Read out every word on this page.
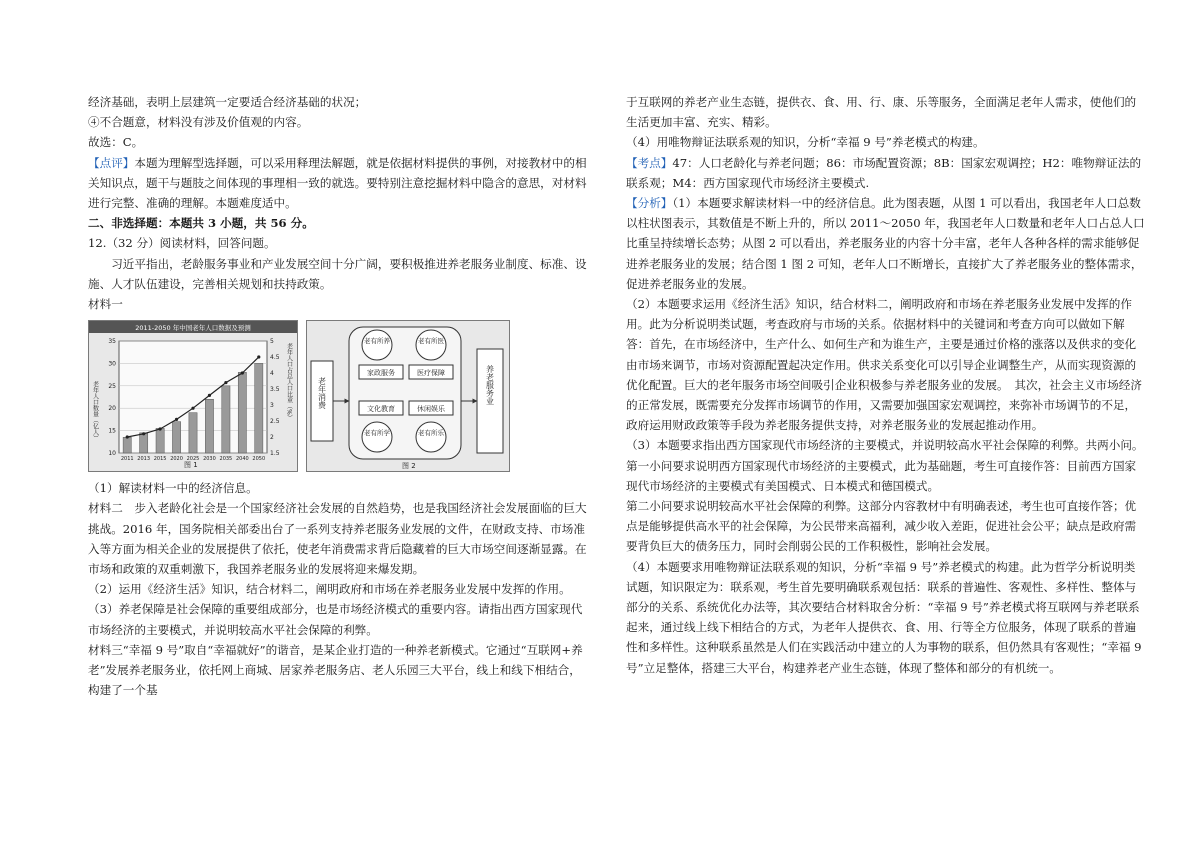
经济基础，表明上层建筑一定要适合经济基础的状况；

④不合题意，材料没有涉及价值观的内容。

故选：C。

【点评】本题为理解型选择题，可以采用释理法解题，就是依据材料提供的事例，对接教材中的相关知识点，题干与题肢之间体现的事理相一致的就选。要特别注意挖掘材料中隐含的意思，对材料进行完整、准确的理解。本题难度适中。

二、非选择题：本题共 3 小题，共 56 分。

12.（32 分）阅读材料，回答问题。

习近平指出，老龄服务事业和产业发展空间十分广阔，要积极推进养老服务业制度、标准、设施、人才队伍建设，完善相关规划和扶持政策。

材料一

2011-2050 年中国老年人口数据及预测
10
15
20
25
30
35
1.5
2
2.5
3
3.5
4
4.5
5
2011 2013 2015 2020 2025 2030 2035 2040 2050
老年人口数量（亿人）	老年人口占总人口比重（%）
图 1
老年消费
老有所养	老有所医
家政服务	医疗保障
文化教育	休闲娱乐
老有所学	老有所乐
养老服务业
图 2

（1）解读材料一中的经济信息。

材料二　步入老龄化社会是一个国家经济社会发展的自然趋势，也是我国经济社会发展面临的巨大挑战。2016 年，国务院相关部委出台了一系列支持养老服务业发展的文件，在财政支持、市场准入等方面为相关企业的发展提供了依托，使老年消费需求背后隐藏着的巨大市场空间逐渐显露。在市场和政策的双重刺激下，我国养老服务业的发展将迎来爆发期。

（2）运用《经济生活》知识，结合材料二，阐明政府和市场在养老服务业发展中发挥的作用。

（3）养老保障是社会保障的重要组成部分，也是市场经济模式的重要内容。请指出西方国家现代市场经济的主要模式，并说明较高水平社会保障的利弊。

材料三“幸福 9 号”取自“幸福就好”的谐音，是某企业打造的一种养老新模式。它通过“互联网+养老”发展养老服务业，依托网上商城、居家养老服务店、老人乐园三大平台，线上和线下相结合，构建了一个基

于互联网的养老产业生态链，提供衣、食、用、行、康、乐等服务，全面满足老年人需求，使他们的生活更加丰富、充实、精彩。

（4）用唯物辩证法联系观的知识，分析“幸福 9 号”养老模式的构建。

【考点】47：人口老龄化与养老问题；86：市场配置资源；8B：国家宏观调控；H2：唯物辩证法的联系观；M4：西方国家现代市场经济主要模式.

【分析】（1）本题要求解读材料一中的经济信息。此为图表题，从图 1 可以看出，我国老年人口总数以柱状图表示，其数值是不断上升的，所以 2011～2050 年，我国老年人口数量和老年人口占总人口比重呈持续增长态势；从图 2 可以看出，养老服务业的内容十分丰富，老年人各种各样的需求能够促进养老服务业的发展；结合图 1 图 2 可知，老年人口不断增长，直接扩大了养老服务业的整体需求，促进养老服务业的发展。

（2）本题要求运用《经济生活》知识，结合材料二，阐明政府和市场在养老服务业发展中发挥的作用。此为分析说明类试题，考查政府与市场的关系。依据材料中的关键词和考查方向可以做如下解答：首先，在市场经济中，生产什么、如何生产和为谁生产，主要是通过价格的涨落以及供求的变化由市场来调节，市场对资源配置起决定作用。供求关系变化可以引导企业调整生产，从而实现资源的优化配置。巨大的老年服务市场空间吸引企业积极参与养老服务业的发展。　其次，社会主义市场经济的正常发展，既需要充分发挥市场调节的作用，又需要加强国家宏观调控，来弥补市场调节的不足，政府运用财政政策等手段为养老服务提供支持，对养老服务业的发展起推动作用。

（3）本题要求指出西方国家现代市场经济的主要模式，并说明较高水平社会保障的利弊。共两小问。

第一小问要求说明西方国家现代市场经济的主要模式，此为基础题，考生可直接作答：目前西方国家现代市场经济的主要模式有美国模式、日本模式和德国模式。

第二小问要求说明较高水平社会保障的利弊。这部分内容教材中有明确表述，考生也可直接作答；优点是能够提供高水平的社会保障，为公民带来高福利，减少收入差距，促进社会公平；缺点是政府需要背负巨大的债务压力，同时会削弱公民的工作积极性，影响社会发展。

（4）本题要求用唯物辩证法联系观的知识，分析“幸福 9 号”养老模式的构建。此为哲学分析说明类试题，知识限定为：联系观，考生首先要明确联系观包括：联系的普遍性、客观性、多样性、整体与部分的关系、系统优化办法等，其次要结合材料取舍分析：“幸福 9 号”养老模式将互联网与养老联系起来，通过线上线下相结合的方式，为老年人提供衣、食、用、行等全方位服务，体现了联系的普遍性和多样性。这种联系虽然是人们在实践活动中建立的人为事物的联系，但仍然具有客观性；“幸福 9 号”立足整体，搭建三大平台，构建养老产业生态链，体现了整体和部分的有机统一。
